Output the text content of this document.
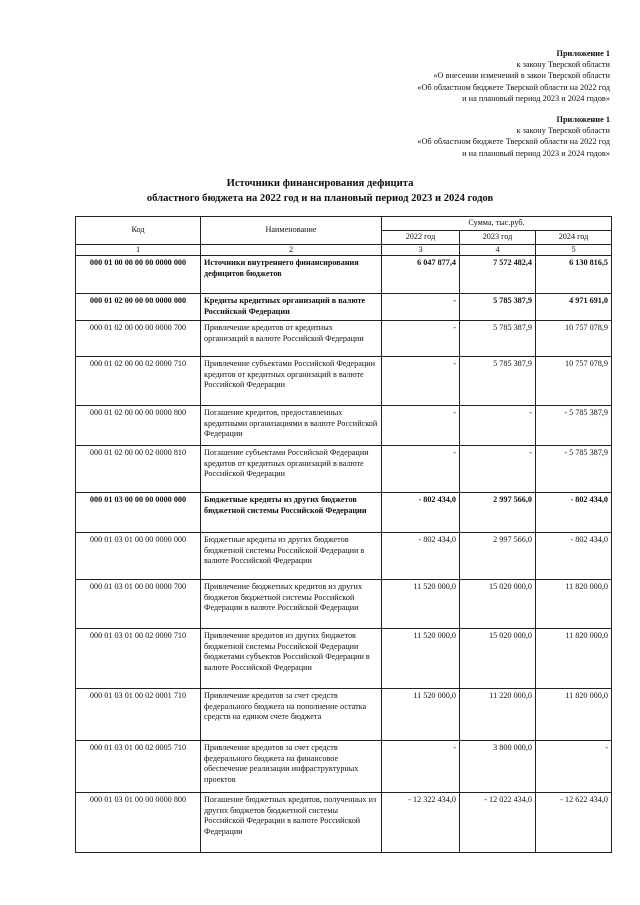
Приложение 1
к закону Тверской области
«О внесении изменений в закон Тверской области
«Об областном бюджете Тверской области на 2022 год
и на плановый период 2023 и 2024 годов»
Приложение 1
к закону Тверской области
«Об областном бюджете Тверской области на 2022 год
и на плановый период 2023 и 2024 годов»
Источники финансирования дефицита
областного бюджета на 2022 год и на плановый период 2023 и 2024 годов
Код	Наименование	Сумма, тыс.руб.		
		2022 год	2023 год	2024 год
1	2	3	4	5
000 01 00 00 00 00 0000 000	Источники внутреннего финансирования дефицитов бюджетов	6 047 877,4	7 572 482,4	6 130 816,5
000 01 02 00 00 00 0000 000	Кредиты кредитных организаций в валюте Российской Федерации	-	5 785 387,9	4 971 691,0
000 01 02 00 00 00 0000 700	Привлечение кредитов от кредитных организаций в валюте Российской Федерации	-	5 785 387,9	10 757 078,9
000 01 02 00 00 02 0000 710	Привлечение субъектами Российской Федерации кредитов от кредитных организаций в валюте Российской Федерации	-	5 785 387,9	10 757 078,9
000 01 02 00 00 00 0000 800	Погашение кредитов, предоставленных кредитными организациями в валюте Российской Федерации	-	-	- 5 785 387,9
000 01 02 00 00 02 0000 810	Погашение субъектами Российской Федерации кредитов от кредитных организаций в валюте Российской Федерации	-	-	- 5 785 387,9
000 01 03 00 00 00 0000 000	Бюджетные кредиты из других бюджетов бюджетной системы Российской Федерации	- 802 434,0	2 997 566,0	- 802 434,0
000 01 03 01 00 00 0000 000	Бюджетные кредиты из других бюджетов бюджетной системы Российской Федерации в валюте Российской Федерации	- 802 434,0	2 997 566,0	- 802 434,0
000 01 03 01 00 00 0000 700	Привлечение бюджетных кредитов из других бюджетов бюджетной системы Российской Федерации в валюте Российской Федерации	11 520 000,0	15 020 000,0	11 820 000,0
000 01 03 01 00 02 0000 710	Привлечение кредитов из других бюджетов бюджетной системы Российской Федерации бюджетами субъектов Российской Федерации в валюте Российской Федерации	11 520 000,0	15 020 000,0	11 820 000,0
000 01 03 01 00 02 0001 710	Привлечение кредитов за счет средств федерального бюджета на пополнение остатка средств на едином счете бюджета	11 520 000,0	11 220 000,0	11 820 000,0
000 01 03 01 00 02 0005 710	Привлечение кредитов за счет средств федерального бюджета на финансовое обеспечение реализации инфраструктурных проектов	-	3 800 000,0	-
000 01 03 01 00 00 0000 800	Погашение бюджетных кредитов, полученных из других бюджетов бюджетной системы Российской Федерации в валюте Российской Федерации	- 12 322 434,0	- 12 022 434,0	- 12 622 434,0
